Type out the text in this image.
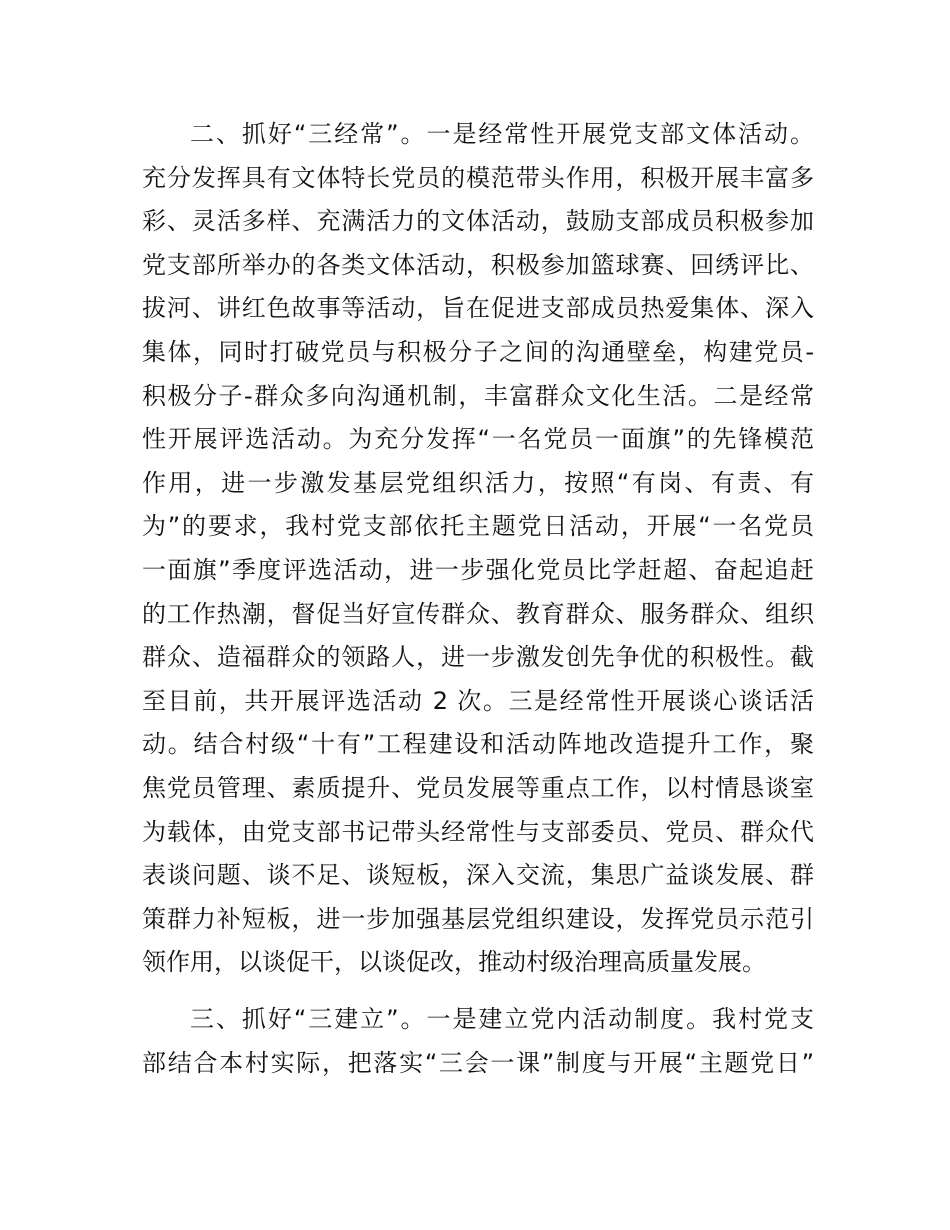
二、抓好“三经常”。一是经常性开展党支部文体活动。
充分发挥具有文体特长党员的模范带头作用，积极开展丰富多
彩、灵活多样、充满活力的文体活动，鼓励支部成员积极参加
党支部所举办的各类文体活动，积极参加篮球赛、回绣评比、
拔河、讲红色故事等活动，旨在促进支部成员热爱集体、深入
集体，同时打破党员与积极分子之间的沟通壁垒，构建党员-
积极分子-群众多向沟通机制，丰富群众文化生活。二是经常
性开展评选活动。为充分发挥“一名党员一面旗”的先锋模范
作用，进一步激发基层党组织活力，按照“有岗、有责、有
为”的要求，我村党支部依托主题党日活动，开展“一名党员
一面旗”季度评选活动，进一步强化党员比学赶超、奋起追赶
的工作热潮，督促当好宣传群众、教育群众、服务群众、组织
群众、造福群众的领路人，进一步激发创先争优的积极性。截
至目前，共开展评选活动 2 次。三是经常性开展谈心谈话活
动。结合村级“十有”工程建设和活动阵地改造提升工作，聚
焦党员管理、素质提升、党员发展等重点工作，以村情恳谈室
为载体，由党支部书记带头经常性与支部委员、党员、群众代
表谈问题、谈不足、谈短板，深入交流，集思广益谈发展、群
策群力补短板，进一步加强基层党组织建设，发挥党员示范引
领作用，以谈促干，以谈促改，推动村级治理高质量发展。
三、抓好“三建立”。一是建立党内活动制度。我村党支
部结合本村实际，把落实“三会一课”制度与开展“主题党日”
